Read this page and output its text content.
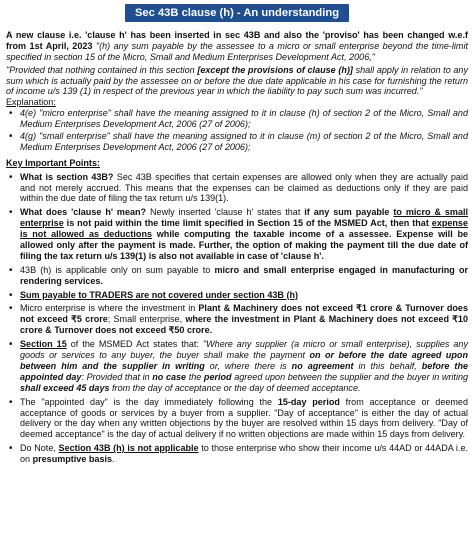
Sec 43B clause (h) - An understanding

A new clause i.e. 'clause h' has been inserted in sec 43B and also the 'proviso' has been changed w.e.f from 1st April, 2023 "(h) any sum payable by the assessee to a micro or small enterprise beyond the time-limit specified in section 15 of the Micro, Small and Medium Enterprises Development Act, 2006,"

"Provided that nothing contained in this section [except the provisions of clause (h)] shall apply in relation to any sum which is actually paid by the assessee on or before the due date applicable in his case for furnishing the return of income u/s 139 (1) in respect of the previous year in which the liability to pay such sum was incurred."

Explanation:
• 4(e) "micro enterprise" shall have the meaning assigned to it in clause (h) of section 2 of the Micro, Small and Medium Enterprises Development Act, 2006 (27 of 2006);
• 4(g) "small enterprise" shall have the meaning assigned to it in clause (m) of section 2 of the Micro, Small and Medium Enterprises Development Act, 2006 (27 of 2006);
Key Important Points:
• What is section 43B? Sec 43B specifies that certain expenses are allowed only when they are actually paid and not merely accrued. This means that the expenses can be claimed as deductions only if they are paid within the due date of filing the tax return u/s 139(1).
• What does 'clause h' mean? Newly inserted 'clause h' states that if any sum payable to micro & small enterprise is not paid within the time limit specified in Section 15 of the MSMED Act, then that expense is not allowed as deductions while computing the taxable income of a assessee. Expense will be allowed only after the payment is made. Further, the option of making the payment till the due date of filing the tax return u/s 139(1) is also not available in case of 'clause h'.
• 43B (h) is applicable only on sum payable to micro and small enterprise engaged in manufacturing or rendering services.
• Sum payable to TRADERS are not covered under section 43B (h)
• Micro enterprise is where the investment in Plant & Machinery does not exceed ₹1 crore & Turnover does not exceed ₹5 crore; Small enterprise, where the investment in Plant & Machinery does not exceed ₹10 crore & Turnover does not exceed ₹50 crore.
• Section 15 of the MSMED Act states that: "Where any supplier (a micro or small enterprise), supplies any goods or services to any buyer, the buyer shall make the payment on or before the date agreed upon between him and the supplier in writing or, where there is no agreement in this behalf, before the appointed day: Provided that in no case the period agreed upon between the supplier and the buyer in writing shall exceed 45 days from the day of acceptance or the day of deemed acceptance.
• The "appointed day" is the day immediately following the 15-day period from acceptance or deemed acceptance of goods or services by a buyer from a supplier. "Day of acceptance" is either the day of actual delivery or the day when any written objections by the buyer are resolved within 15 days from delivery. "Day of deemed acceptance" is the day of actual delivery if no written objections are made within 15 days from delivery.
• Do Note, Section 43B (h) is not applicable to those enterprise who show their income u/s 44AD or 44ADA i.e. on presumptive basis.
